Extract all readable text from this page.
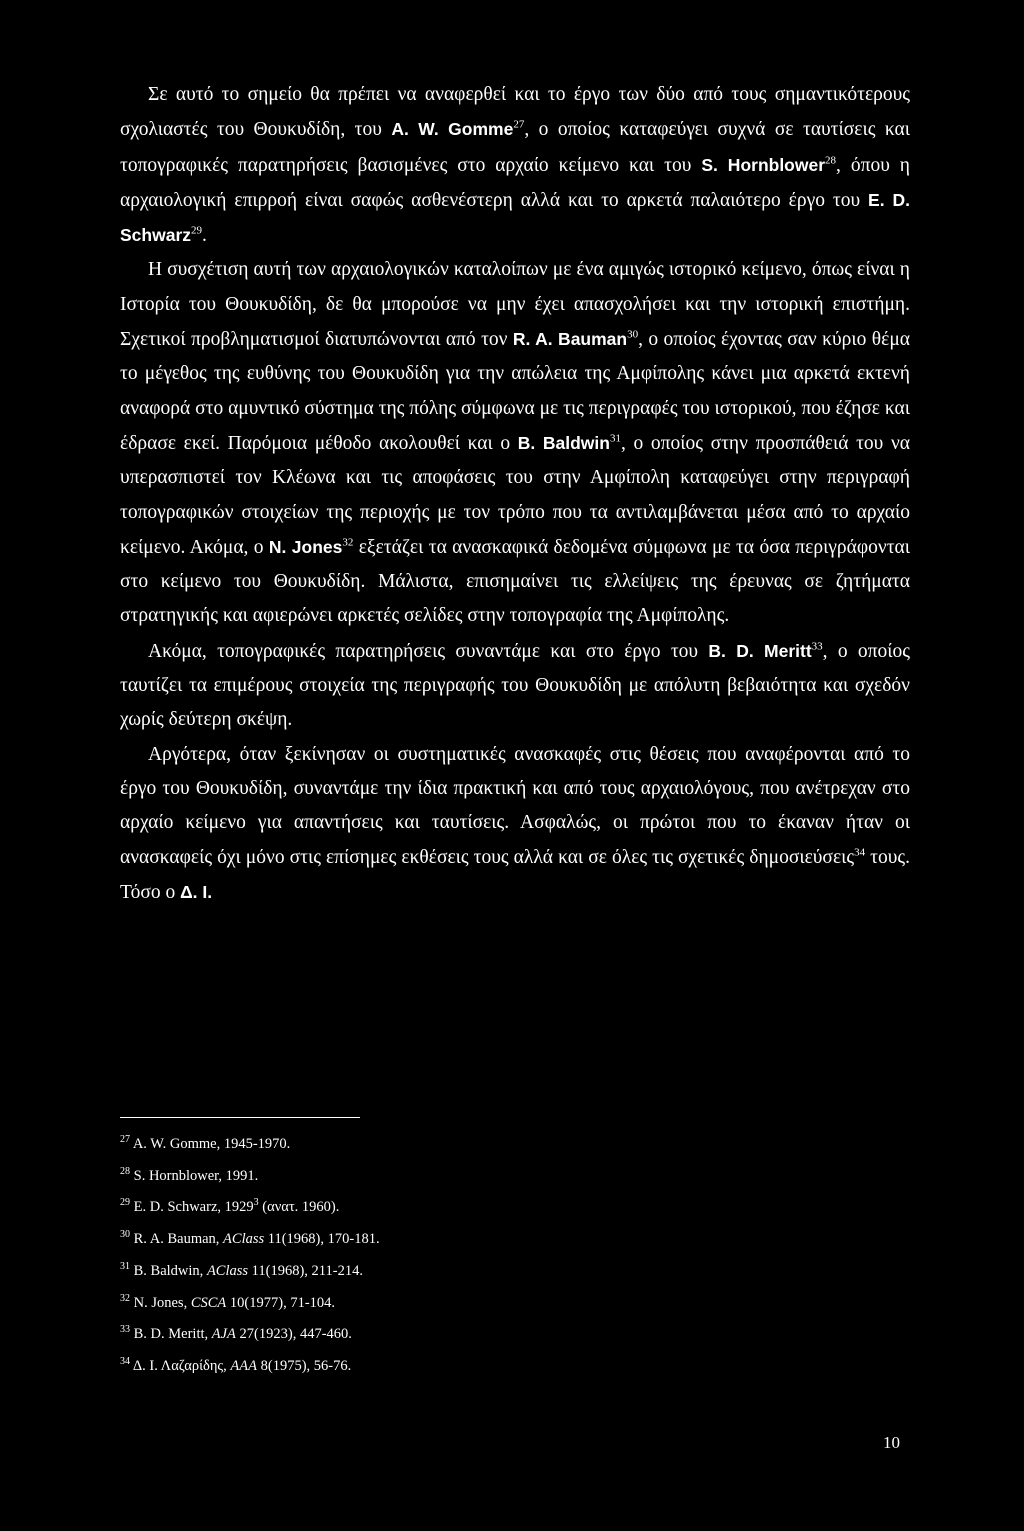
Σε αυτό το σημείο θα πρέπει να αναφερθεί και το έργο των δύο από τους σημαντικότερους σχολιαστές του Θουκυδίδη, του A. W. Gomme$^{27}$, ο οποίος καταφεύγει συχνά σε ταυτίσεις και τοπογραφικές παρατηρήσεις βασισμένες στο αρχαίο κείμενο και του S. Hornblower$^{28}$, όπου η αρχαιολογική επιρροή είναι σαφώς ασθενέστερη αλλά και το αρκετά παλαιότερο έργο του E. D. Schwarz$^{29}$.

Η συσχέτιση αυτή των αρχαιολογικών καταλοίπων με ένα αμιγώς ιστορικό κείμενο, όπως είναι η Ιστορία του Θουκυδίδη, δε θα μπορούσε να μην έχει απασχολήσει και την ιστορική επιστήμη. Σχετικοί προβληματισμοί διατυπώνονται από τον R. A. Bauman$^{30}$, ο οποίος έχοντας σαν κύριο θέμα το μέγεθος της ευθύνης του Θουκυδίδη για την απώλεια της Αμφίπολης κάνει μια αρκετά εκτενή αναφορά στο αμυντικό σύστημα της πόλης σύμφωνα με τις περιγραφές του ιστορικού, που έζησε και έδρασε εκεί. Παρόμοια μέθοδο ακολουθεί και ο B. Baldwin$^{31}$, ο οποίος στην προσπάθειά του να υπερασπιστεί τον Κλέωνα και τις αποφάσεις του στην Αμφίπολη καταφεύγει στην περιγραφή τοπογραφικών στοιχείων της περιοχής με τον τρόπο που τα αντιλαμβάνεται μέσα από το αρχαίο κείμενο. Ακόμα, ο N. Jones$^{32}$ εξετάζει τα ανασκαφικά δεδομένα σύμφωνα με τα όσα περιγράφονται στο κείμενο του Θουκυδίδη. Μάλιστα, επισημαίνει τις ελλείψεις της έρευνας σε ζητήματα στρατηγικής και αφιερώνει αρκετές σελίδες στην τοπογραφία της Αμφίπολης.

Ακόμα, τοπογραφικές παρατηρήσεις συναντάμε και στο έργο του B. D. Meritt$^{33}$, ο οποίος ταυτίζει τα επιμέρους στοιχεία της περιγραφής του Θουκυδίδη με απόλυτη βεβαιότητα και σχεδόν χωρίς δεύτερη σκέψη.

Αργότερα, όταν ξεκίνησαν οι συστηματικές ανασκαφές στις θέσεις που αναφέρονται από το έργο του Θουκυδίδη, συναντάμε την ίδια πρακτική και από τους αρχαιολόγους, που ανέτρεχαν στο αρχαίο κείμενο για απαντήσεις και ταυτίσεις. Ασφαλώς, οι πρώτοι που το έκαναν ήταν οι ανασκαφείς όχι μόνο στις επίσημες εκθέσεις τους αλλά και σε όλες τις σχετικές δημοσιεύσεις$^{34}$ τους. Τόσο ο Δ. Ι.

$^{27}$ A. W. Gomme, 1945-1970.
$^{28}$ S. Hornblower, 1991.
$^{29}$ E. D. Schwarz, 1929$^3$ (ανατ. 1960).
$^{30}$ R. A. Bauman, AClass 11(1968), 170-181.
$^{31}$ B. Baldwin, AClass 11(1968), 211-214.
$^{32}$ N. Jones, CSCA 10(1977), 71-104.
$^{33}$ B. D. Meritt, AJA 27(1923), 447-460.
$^{34}$ Δ. Ι. Λαζαρίδης, AAA 8(1975), 56-76.
10
